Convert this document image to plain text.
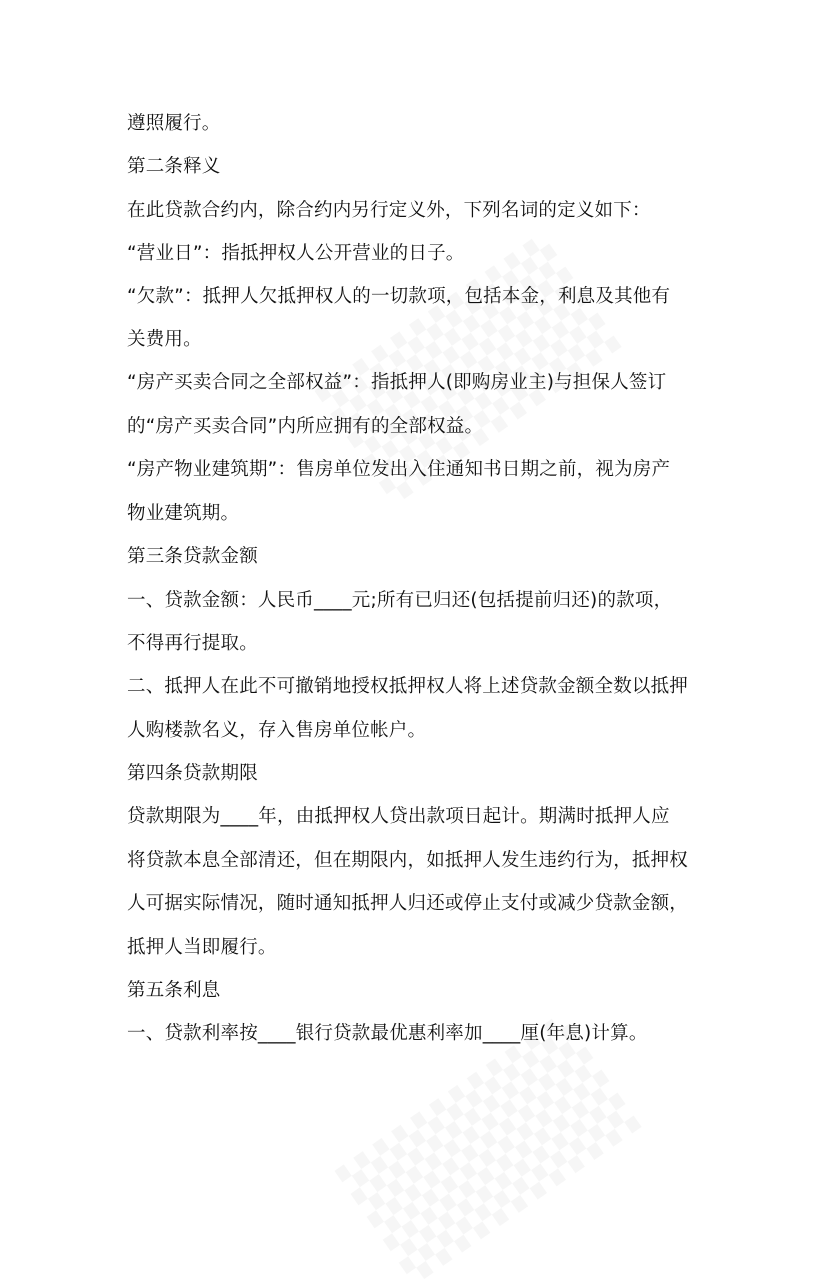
遵照履行。
第二条释义
在此贷款合约内，除合约内另行定义外，下列名词的定义如下：
“营业日”：指抵押权人公开营业的日子。
“欠款”：抵押人欠抵押权人的一切款项，包括本金，利息及其他有
关费用。
“房产买卖合同之全部权益”：指抵押人(即购房业主)与担保人签订
的“房产买卖合同”内所应拥有的全部权益。
“房产物业建筑期”：售房单位发出入住通知书日期之前，视为房产
物业建筑期。
第三条贷款金额
一、贷款金额：人民币____元;所有已归还(包括提前归还)的款项，
不得再行提取。
二、抵押人在此不可撤销地授权抵押权人将上述贷款金额全数以抵押
人购楼款名义，存入售房单位帐户。
第四条贷款期限
贷款期限为____年，由抵押权人贷出款项日起计。期满时抵押人应
将贷款本息全部清还，但在期限内，如抵押人发生违约行为，抵押权
人可据实际情况，随时通知抵押人归还或停止支付或减少贷款金额，
抵押人当即履行。
第五条利息
一、贷款利率按____银行贷款最优惠利率加____厘(年息)计算。
